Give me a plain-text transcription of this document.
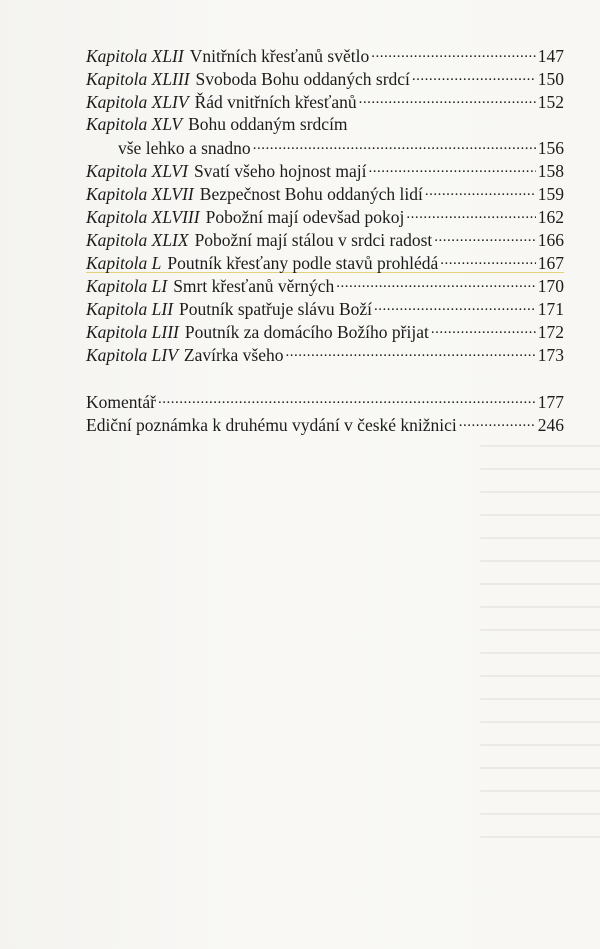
Kapitola XLII Vnitřních křesťanů světlo .....	147
Kapitola XLIII Svoboda Bohu oddaných srdcí .....	150
Kapitola XLIV Řád vnitřních křesťanů .....	152
Kapitola XLV Bohu oddaným srdcím
vše lehko a snadno .....	156
Kapitola XLVI Svatí všeho hojnost mají .....	158
Kapitola XLVII Bezpečnost Bohu oddaných lidí .....	159
Kapitola XLVIII Pobožní mají odevšad pokoj .....	162
Kapitola XLIX Pobožní mají stálou v srdci radost .....	166
Kapitola L Poutník křesťany podle stavů prohlédá .....	167
Kapitola LI Smrt křesťanů věrných .....	170
Kapitola LII Poutník spatřuje slávu Boží .....	171
Kapitola LIII Poutník za domácího Božího přijat .....	172
Kapitola LIV Zavírka všeho .....	173
Komentář .....	177
Ediční poznámka k druhému vydání v české knižnici .....	246
